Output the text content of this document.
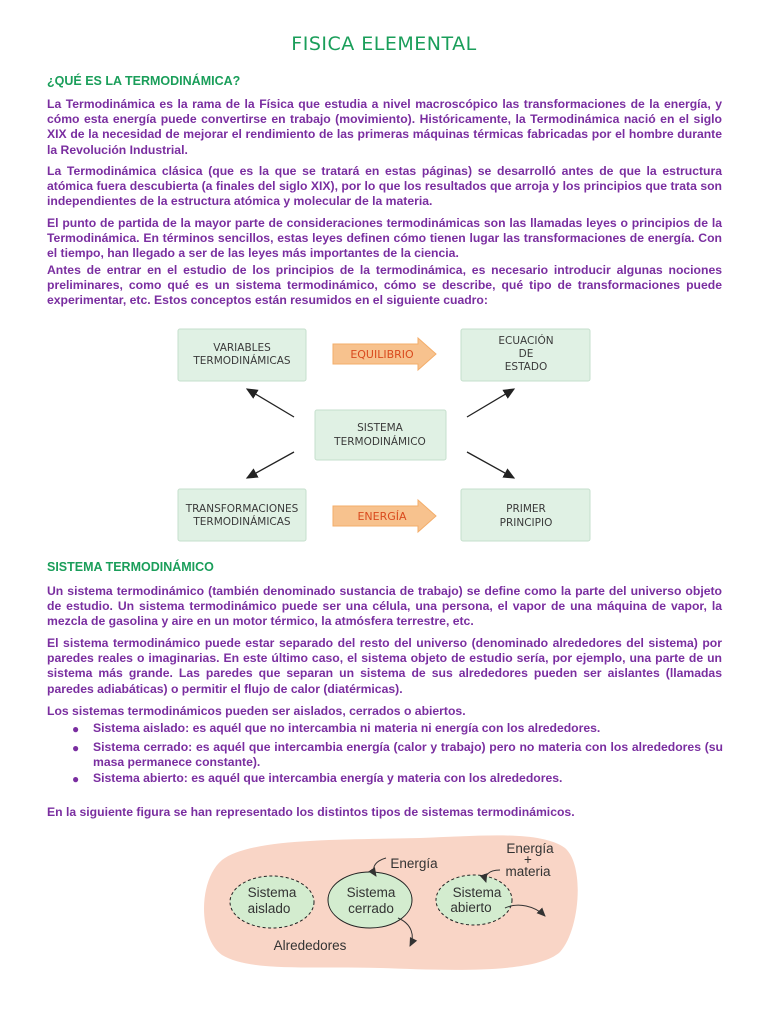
FISICA ELEMENTAL
¿QUÉ ES LA TERMODINÁMICA?

La Termodinámica es la rama de la Física que estudia a nivel macroscópico las transformaciones de la energía, y cómo esta energía puede convertirse en trabajo (movimiento). Históricamente, la Termodinámica nació en el siglo XIX de la necesidad de mejorar el rendimiento de las primeras máquinas térmicas fabricadas por el hombre durante la Revolución Industrial.

La Termodinámica clásica (que es la que se tratará en estas páginas) se desarrolló antes de que la estructura atómica fuera descubierta (a finales del siglo XIX), por lo que los resultados que arroja y los principios que trata son independientes de la estructura atómica y molecular de la materia.

El punto de partida de la mayor parte de consideraciones termodinámicas son las llamadas leyes o principios de la Termodinámica. En términos sencillos, estas leyes definen cómo tienen lugar las transformaciones de energía. Con el tiempo, han llegado a ser de las leyes más importantes de la ciencia.

Antes de entrar en el estudio de los principios de la termodinámica, es necesario introducir algunas nociones preliminares, como qué es un sistema termodinámico, cómo se describe, qué tipo de transformaciones puede experimentar, etc. Estos conceptos están resumidos en el siguiente cuadro:

VARIABLES
TERMODINÁMICAS	EQUILIBRIO
ECUACIÓN
DE
ESTADO
SISTEMA
TERMODINÁMICO
TRANSFORMACIONES
TERMODINÁMICAS	ENERGÍA
PRIMER
PRINCIPIO
Sistema
aislado
Sistema
cerrado
Sistema
abierto
Energía
Energía
+
materia
Alrededores
SISTEMA TERMODINÁMICO

Un sistema termodinámico (también denominado sustancia de trabajo) se define como la parte del universo objeto de estudio. Un sistema termodinámico puede ser una célula, una persona, el vapor de una máquina de vapor, la mezcla de gasolina y aire en un motor térmico, la atmósfera terrestre, etc.

El sistema termodinámico puede estar separado del resto del universo (denominado alrededores del sistema) por paredes reales o imaginarias. En este último caso, el sistema objeto de estudio sería, por ejemplo, una parte de un sistema más grande. Las paredes que separan un sistema de sus alrededores pueden ser aislantes (llamadas paredes adiabáticas) o permitir el flujo de calor (diatérmicas).

Los sistemas termodinámicos pueden ser aislados, cerrados o abiertos.

● Sistema aislado: es aquél que no intercambia ni materia ni energía con los alrededores.

● Sistema cerrado: es aquél que intercambia energía (calor y trabajo) pero no materia con los alrededores (su masa permanece constante).

● Sistema abierto: es aquél que intercambia energía y materia con los alrededores.

En la siguiente figura se han representado los distintos tipos de sistemas termodinámicos.
